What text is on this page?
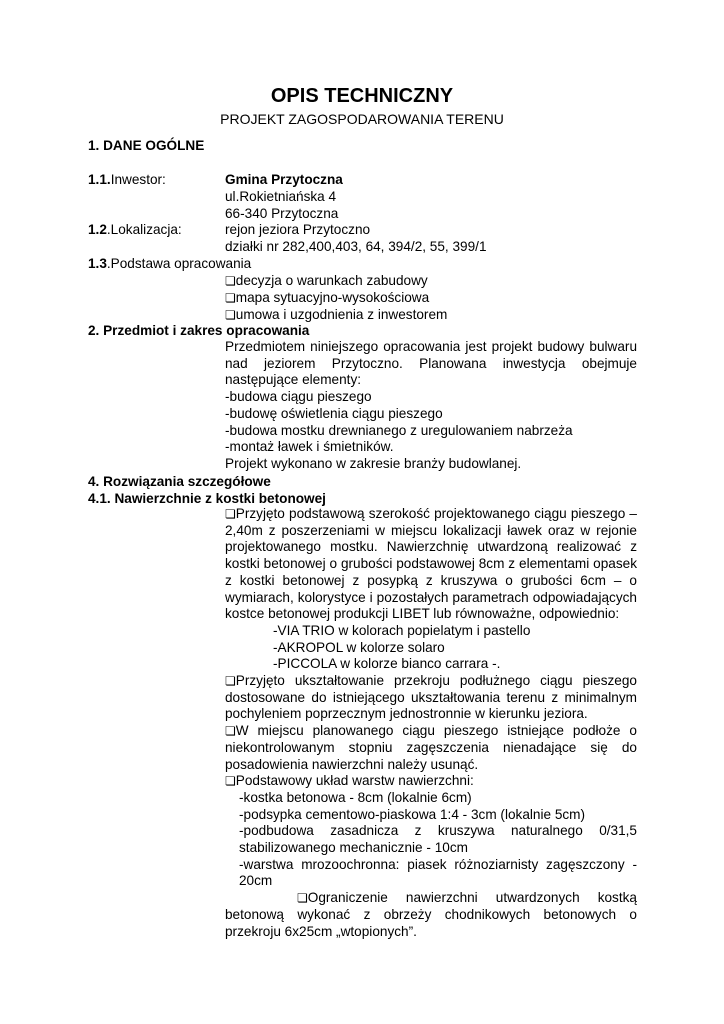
OPIS TECHNICZNY
PROJEKT ZAGOSPODAROWANIA TERENU
1. DANE OGÓLNE
1.1.Inwestor:	Gmina Przytoczna
ul.Rokietniańska 4
66-340 Przytoczna
1.2.Lokalizacja:	rejon jeziora Przytoczno
działki nr 282,400,403, 64, 394/2, 55, 399/1
1.3.Podstawa opracowania
❏decyzja o warunkach zabudowy
❏mapa sytuacyjno-wysokościowa
❏umowa i uzgodnienia z inwestorem
2. Przedmiot i zakres opracowania

Przedmiotem niniejszego opracowania jest projekt budowy bulwaru nad jeziorem Przytoczno. Planowana inwestycja obejmuje następujące elementy:

-budowa ciągu pieszego

-budowę oświetlenia ciągu pieszego

-budowa mostku drewnianego z uregulowaniem nabrzeża

-montaż ławek i śmietników.

Projekt wykonano w zakresie branży budowlanej.

4. Rozwiązania szczegółowe
4.1. Nawierzchnie z kostki betonowej

❏Przyjęto podstawową szerokość projektowanego ciągu pieszego – 2,40m z poszerzeniami w miejscu lokalizacji ławek oraz w rejonie projektowanego mostku. Nawierzchnię utwardzoną realizować z kostki betonowej o grubości podstawowej 8cm z elementami opasek z kostki betonowej z posypką z kruszywa o grubości 6cm – o wymiarach, kolorystyce i pozostałych parametrach odpowiadających kostce betonowej produkcji LIBET lub równoważne, odpowiednio:

-VIA TRIO w kolorach popielatym i pastello

-AKROPOL w kolorze solaro

-PICCOLA w kolorze bianco carrara -.

❏Przyjęto ukształtowanie przekroju podłużnego ciągu pieszego dostosowane do istniejącego ukształtowania terenu z minimalnym pochyleniem poprzecznym jednostronnie w kierunku jeziora.

❏W miejscu planowanego ciągu pieszego istniejące podłoże o niekontrolowanym stopniu zagęszczenia nienadające się do posadowienia nawierzchni należy usunąć.

❏Podstawowy układ warstw nawierzchni:

-kostka betonowa - 8cm (lokalnie 6cm)

-podsypka cementowo-piaskowa 1:4 - 3cm (lokalnie 5cm)

-podbudowa zasadnicza z kruszywa naturalnego 0/31,5 stabilizowanego mechanicznie - 10cm

-warstwa mrozoochronna: piasek różnoziarnisty zagęszczony - 20cm

❏Ograniczenie nawierzchni utwardzonych kostką betonową wykonać z obrzeży chodnikowych betonowych o przekroju 6x25cm „wtopionych”.
